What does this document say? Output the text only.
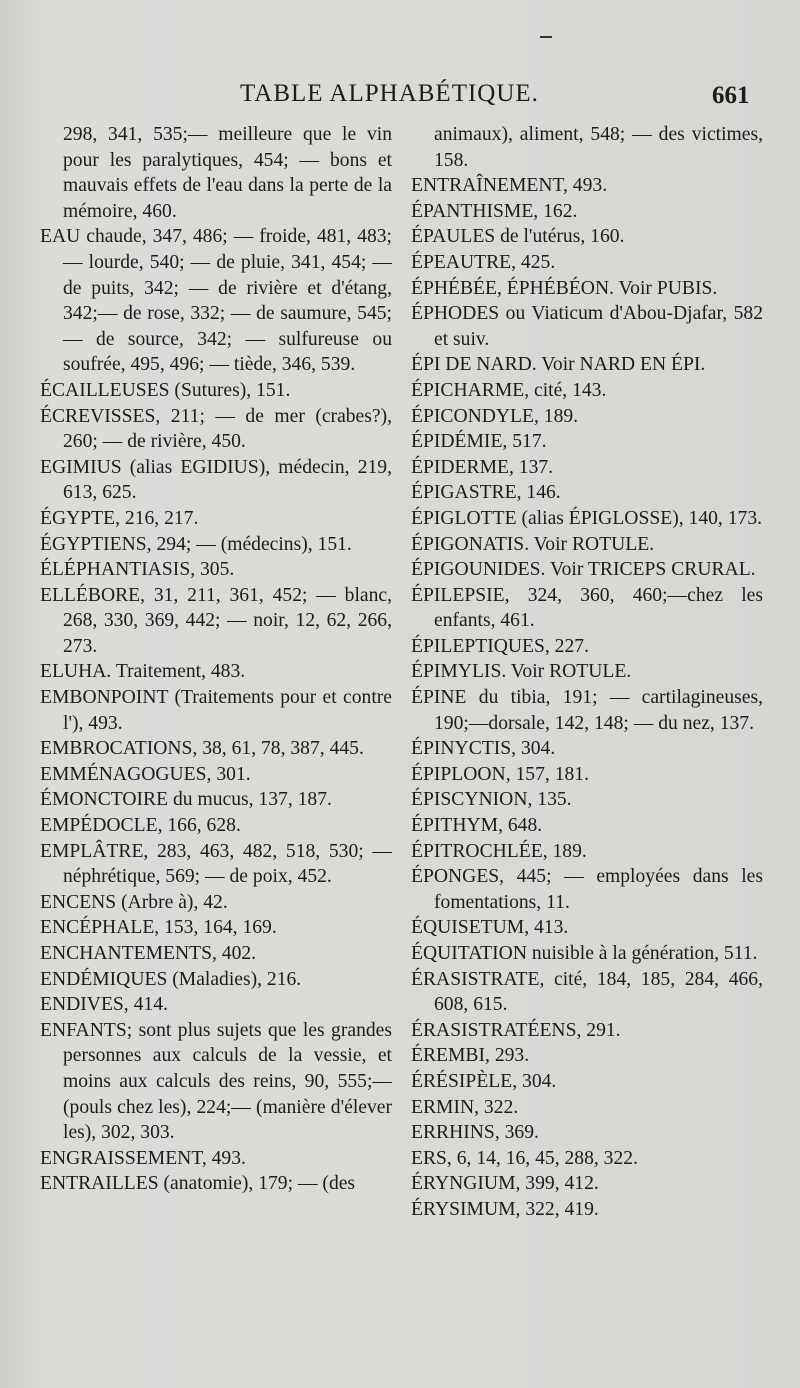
TABLE ALPHABÉTIQUE.	661

298, 341, 535;— meilleure que le vin pour les paralytiques, 454; — bons et mauvais effets de l'eau dans la perte de la mémoire, 460.

EAU chaude, 347, 486; — froide, 481, 483; — lourde, 540; — de pluie, 341, 454; — de puits, 342; — de rivière et d'étang, 342;— de rose, 332; — de saumure, 545;— de source, 342; — sulfureuse ou soufrée, 495, 496; — tiède, 346, 539.

ÉCAILLEUSES (Sutures), 151.

ÉCREVISSES, 211; — de mer (crabes?), 260; — de rivière, 450.

EGIMIUS (alias EGIDIUS), médecin, 219, 613, 625.

ÉGYPTE, 216, 217.

ÉGYPTIENS, 294; — (médecins), 151.

ÉLÉPHANTIASIS, 305.

ELLÉBORE, 31, 211, 361, 452; — blanc, 268, 330, 369, 442; — noir, 12, 62, 266, 273.

ELUHA. Traitement, 483.

EMBONPOINT (Traitements pour et contre l'), 493.

EMBROCATIONS, 38, 61, 78, 387, 445.

EMMÉNAGOGUES, 301.

ÉMONCTOIRE du mucus, 137, 187.

EMPÉDOCLE, 166, 628.

EMPLÂTRE, 283, 463, 482, 518, 530; — néphrétique, 569; — de poix, 452.

ENCENS (Arbre à), 42.

ENCÉPHALE, 153, 164, 169.

ENCHANTEMENTS, 402.

ENDÉMIQUES (Maladies), 216.

ENDIVES, 414.

ENFANTS; sont plus sujets que les grandes personnes aux calculs de la vessie, et moins aux calculs des reins, 90, 555;— (pouls chez les), 224;— (manière d'élever les), 302, 303.

ENGRAISSEMENT, 493.

ENTRAILLES (anatomie), 179; — (des

animaux), aliment, 548; — des victimes, 158.

ENTRAÎNEMENT, 493.

ÉPANTHISME, 162.

ÉPAULES de l'utérus, 160.

ÉPEAUTRE, 425.

ÉPHÉBÉE, ÉPHÉBÉON. Voir PUBIS.

ÉPHODES ou Viaticum d'Abou-Djafar, 582 et suiv.

ÉPI DE NARD. Voir NARD EN ÉPI.

ÉPICHARME, cité, 143.

ÉPICONDYLE, 189.

ÉPIDÉMIE, 517.

ÉPIDERME, 137.

ÉPIGASTRE, 146.

ÉPIGLOTTE (alias ÉPIGLOSSE), 140, 173.

ÉPIGONATIS. Voir ROTULE.

ÉPIGOUNIDES. Voir TRICEPS CRURAL.

ÉPILEPSIE, 324, 360, 460;—chez les enfants, 461.

ÉPILEPTIQUES, 227.

ÉPIMYLIS. Voir ROTULE.

ÉPINE du tibia, 191; — cartilagineuses, 190;—dorsale, 142, 148; — du nez, 137.

ÉPINYCTIS, 304.

ÉPIPLOON, 157, 181.

ÉPISCYNION, 135.

ÉPITHYM, 648.

ÉPITROCHLÉE, 189.

ÉPONGES, 445; — employées dans les fomentations, 11.

ÉQUISETUM, 413.

ÉQUITATION nuisible à la génération, 511.

ÉRASISTRATE, cité, 184, 185, 284, 466, 608, 615.

ÉRASISTRATÉENS, 291.

ÉREMBI, 293.

ÉRÉSIPÈLE, 304.

ERMIN, 322.

ERRHINS, 369.

ERS, 6, 14, 16, 45, 288, 322.

ÉRYNGIUM, 399, 412.

ÉRYSIMUM, 322, 419.
